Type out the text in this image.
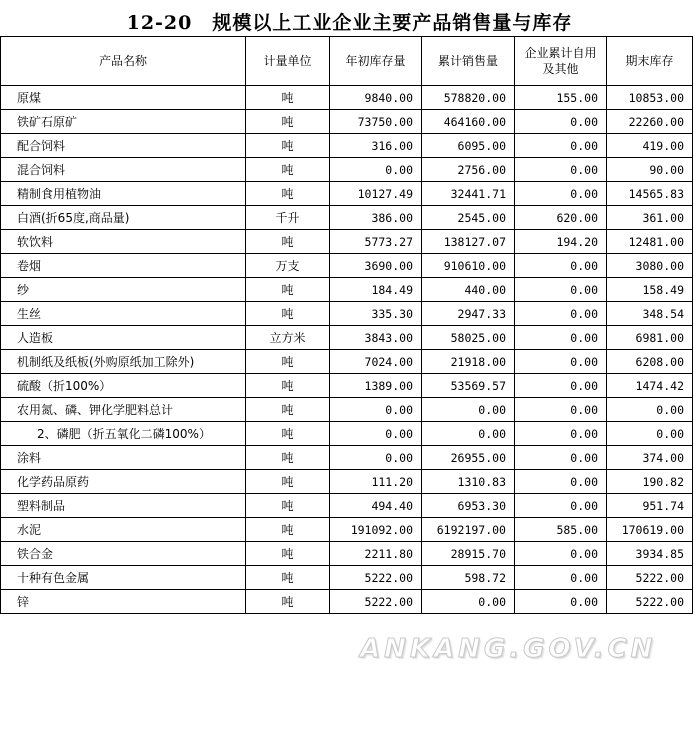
12-20　规模以上工业企业主要产品销售量与库存
产品名称	计量单位	年初库存量	累计销售量	企业累计自用及其他	期末库存
原煤	吨	9840.00	578820.00	155.00	10853.00
铁矿石原矿	吨	73750.00	464160.00	0.00	22260.00
配合饲料	吨	316.00	6095.00	0.00	419.00
混合饲料	吨	0.00	2756.00	0.00	90.00
精制食用植物油	吨	10127.49	32441.71	0.00	14565.83
白酒(折65度,商品量)	千升	386.00	2545.00	620.00	361.00
软饮料	吨	5773.27	138127.07	194.20	12481.00
卷烟	万支	3690.00	910610.00	0.00	3080.00
纱	吨	184.49	440.00	0.00	158.49
生丝	吨	335.30	2947.33	0.00	348.54
人造板	立方米	3843.00	58025.00	0.00	6981.00
机制纸及纸板(外购原纸加工除外)	吨	7024.00	21918.00	0.00	6208.00
硫酸（折100%）	吨	1389.00	53569.57	0.00	1474.42
农用氮、磷、钾化学肥料总计	吨	0.00	0.00	0.00	0.00
2、磷肥（折五氧化二磷100%）	吨	0.00	0.00	0.00	0.00
涂料	吨	0.00	26955.00	0.00	374.00
化学药品原药	吨	111.20	1310.83	0.00	190.82
塑料制品	吨	494.40	6953.30	0.00	951.74
水泥	吨	191092.00	6192197.00	585.00	170619.00
铁合金	吨	2211.80	28915.70	0.00	3934.85
十种有色金属	吨	5222.00	598.72	0.00	5222.00
锌	吨	5222.00	0.00	0.00	5222.00
ANKANG.GOV.CN
